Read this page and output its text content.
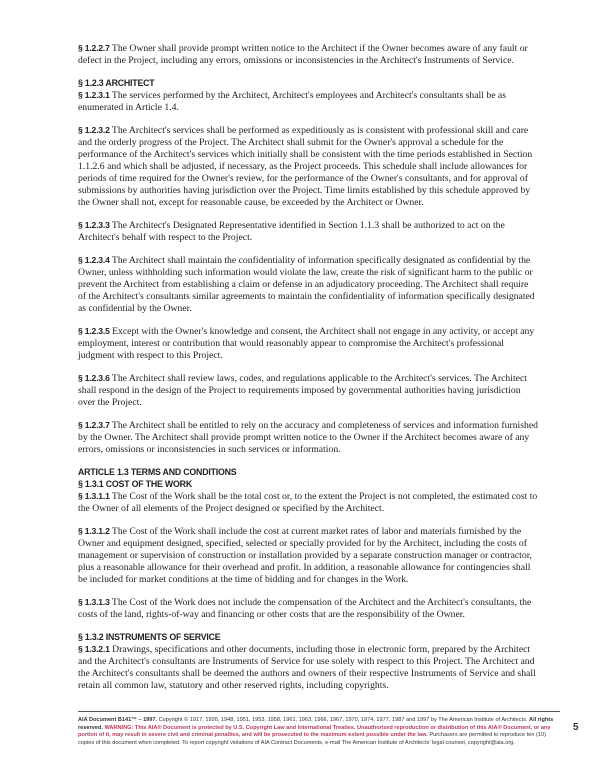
§ 1.2.2.7 The Owner shall provide prompt written notice to the Architect if the Owner becomes aware of any fault or
defect in the Project, including any errors, omissions or inconsistencies in the Architect's Instruments of Service.
§ 1.2.3 ARCHITECT
§ 1.2.3.1 The services performed by the Architect, Architect's employees and Architect's consultants shall be as
enumerated in Article 1.4.
§ 1.2.3.2 The Architect's services shall be performed as expeditiously as is consistent with professional skill and care
and the orderly progress of the Project. The Architect shall submit for the Owner's approval a schedule for the
performance of the Architect's services which initially shall be consistent with the time periods established in Section
1.1.2.6 and which shall be adjusted, if necessary, as the Project proceeds. This schedule shall include allowances for
periods of time required for the Owner's review, for the performance of the Owner's consultants, and for approval of
submissions by authorities having jurisdiction over the Project. Time limits established by this schedule approved by
the Owner shall not, except for reasonable cause, be exceeded by the Architect or Owner.
§ 1.2.3.3 The Architect's Designated Representative identified in Section 1.1.3 shall be authorized to act on the
Architect's behalf with respect to the Project.
§ 1.2.3.4 The Architect shall maintain the confidentiality of information specifically designated as confidential by the
Owner, unless withholding such information would violate the law, create the risk of significant harm to the public or
prevent the Architect from establishing a claim or defense in an adjudicatory proceeding. The Architect shall require
of the Architect's consultants similar agreements to maintain the confidentiality of information specifically designated
as confidential by the Owner.
§ 1.2.3.5 Except with the Owner's knowledge and consent, the Architect shall not engage in any activity, or accept any
employment, interest or contribution that would reasonably appear to compromise the Architect's professional
judgment with respect to this Project.
§ 1.2.3.6 The Architect shall review laws, codes, and regulations applicable to the Architect's services. The Architect
shall respond in the design of the Project to requirements imposed by governmental authorities having jurisdiction
over the Project.
§ 1.2.3.7 The Architect shall be entitled to rely on the accuracy and completeness of services and information furnished
by the Owner. The Architect shall provide prompt written notice to the Owner if the Architect becomes aware of any
errors, omissions or inconsistencies in such services or information.
ARTICLE 1.3 TERMS AND CONDITIONS
§ 1.3.1 COST OF THE WORK
§ 1.3.1.1 The Cost of the Work shall be the total cost or, to the extent the Project is not completed, the estimated cost to
the Owner of all elements of the Project designed or specified by the Architect.
§ 1.3.1.2 The Cost of the Work shall include the cost at current market rates of labor and materials furnished by the
Owner and equipment designed, specified, selected or specially provided for by the Architect, including the costs of
management or supervision of construction or installation provided by a separate construction manager or contractor,
plus a reasonable allowance for their overhead and profit. In addition, a reasonable allowance for contingencies shall
be included for market conditions at the time of bidding and for changes in the Work.
§ 1.3.1.3 The Cost of the Work does not include the compensation of the Architect and the Architect's consultants, the
costs of the land, rights-of-way and financing or other costs that are the responsibility of the Owner.
§ 1.3.2 INSTRUMENTS OF SERVICE
§ 1.3.2.1 Drawings, specifications and other documents, including those in electronic form, prepared by the Architect
and the Architect's consultants are Instruments of Service for use solely with respect to this Project. The Architect and
the Architect's consultants shall be deemed the authors and owners of their respective Instruments of Service and shall
retain all common law, statutory and other reserved rights, including copyrights.
AIA Document B141™ – 1997. Copyright © 1917, 1926, 1948, 1951, 1953, 1958, 1961, 1963, 1966, 1967, 1970, 1974, 1977, 1987 and 1997 by The American Institute of Architects. All rights reserved. WARNING: This AIA® Document is protected by U.S. Copyright Law and International Treaties. Unauthorized reproduction or distribution of this AIA® Document, or any portion of it, may result in severe civil and criminal penalties, and will be prosecuted to the maximum extent possible under the law. Purchasers are permitted to reproduce ten (10) copies of this document when completed. To report copyright violations of AIA Contract Documents, e-mail The American Institute of Architects' legal counsel, copyright@aia.org.
5
